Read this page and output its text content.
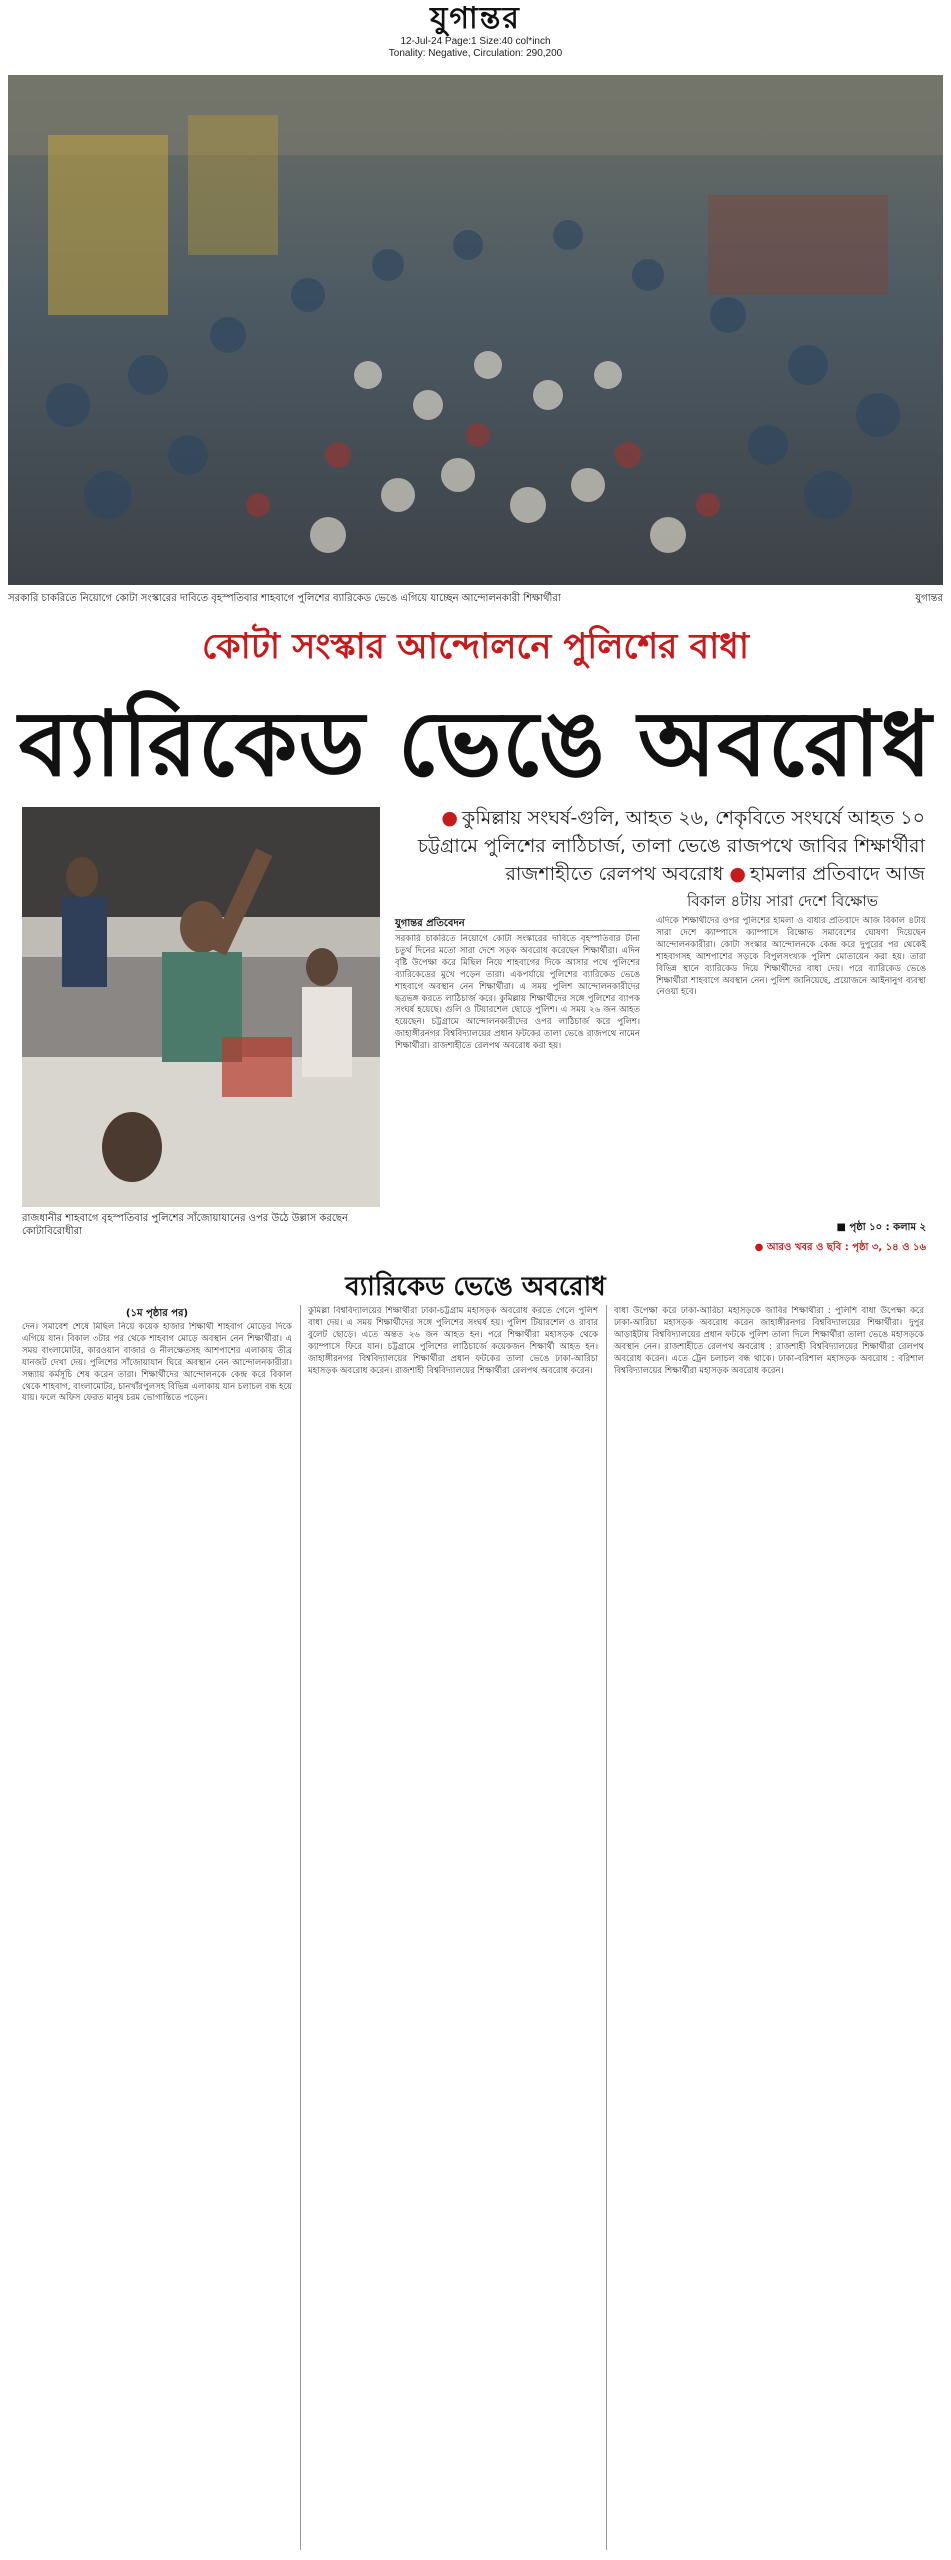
যুগান্তর
12-Jul-24 Page:1 Size:40 col*inch
Tonality: Negative, Circulation: 290,200
সরকারি চাকরিতে নিয়োগে কোটা সংস্কারের দাবিতে বৃহস্পতিবার শাহবাগে পুলিশের ব্যারিকেড ভেঙে এগিয়ে যাচ্ছেন আন্দোলনকারী শিক্ষার্থীরা	যুগান্তর
কোটা সংস্কার আন্দোলনে পুলিশের বাধা
ব্যারিকেড ভেঙে অবরোধ
রাজধানীর শাহবাগে বৃহস্পতিবার পুলিশের সাঁজোয়াযানের ওপর উঠে উল্লাস করছেন কোটাবিরোধীরা
● কুমিল্লায় সংঘর্ষ-গুলি, আহত ২৬, শেকৃবিতে সংঘর্ষে আহত ১০
চট্টগ্রামে পুলিশের লাঠিচার্জ, তালা ভেঙে রাজপথে জাবির শিক্ষার্থীরা
রাজশাহীতে রেলপথ অবরোধ ● হামলার প্রতিবাদে আজ
বিকাল ৪টায় সারা দেশে বিক্ষোভ
যুগান্তর প্রতিবেদন
সরকারি চাকরিতে নিয়োগে কোটা সংস্কারের দাবিতে বৃহস্পতিবার টানা চতুর্থ দিনের মতো সারা দেশে সড়ক অবরোধ করেছেন শিক্ষার্থীরা। এদিন বৃষ্টি উপেক্ষা করে মিছিল নিয়ে শাহবাগের দিকে আসার পথে পুলিশের ব্যারিকেডের মুখে পড়েন তারা। একপর্যায়ে পুলিশের ব্যারিকেড ভেঙে শাহবাগে অবস্থান নেন শিক্ষার্থীরা। এ সময় পুলিশ আন্দোলনকারীদের ছত্রভঙ্গ করতে লাঠিচার্জ করে। কুমিল্লায় শিক্ষার্থীদের সঙ্গে পুলিশের ব্যাপক সংঘর্ষ হয়েছে। গুলি ও টিয়ারশেল ছোড়ে পুলিশ। এ সময় ২৬ জন আহত হয়েছেন। চট্টগ্রামে আন্দোলনকারীদের ওপর লাঠিচার্জ করে পুলিশ। জাহাঙ্গীরনগর বিশ্ববিদ্যালয়ের প্রধান ফটকের তালা ভেঙে রাজপথে নামেন শিক্ষার্থীরা। রাজশাহীতে রেলপথ অবরোধ করা হয়।
এদিকে শিক্ষার্থীদের ওপর পুলিশের হামলা ও বাধার প্রতিবাদে আজ বিকাল ৪টায় সারা দেশে ক্যাম্পাসে ক্যাম্পাসে বিক্ষোভ সমাবেশের ঘোষণা দিয়েছেন আন্দোলনকারীরা। কোটা সংস্কার আন্দোলনকে কেন্দ্র করে দুপুরের পর থেকেই শাহবাগসহ আশপাশের সড়কে বিপুলসংখ্যক পুলিশ মোতায়েন করা হয়। তারা বিভিন্ন স্থানে ব্যারিকেড দিয়ে শিক্ষার্থীদের বাধা দেয়। পরে ব্যারিকেড ভেঙে শিক্ষার্থীরা শাহবাগে অবস্থান নেন। পুলিশ জানিয়েছে, প্রয়োজনে আইনানুগ ব্যবস্থা নেওয়া হবে।
■ পৃষ্ঠা ১০ : কলাম ২
● আরও খবর ও ছবি : পৃষ্ঠা ৩, ১৪ ও ১৬
ব্যারিকেড ভেঙে অবরোধ
(১ম পৃষ্ঠার পর)
দেন। সমাবেশ শেষে মিছিল নিয়ে কয়েক হাজার শিক্ষার্থী শাহবাগ মোড়ের দিকে এগিয়ে যান। বিকাল ৩টার পর থেকে শাহবাগ মোড়ে অবস্থান নেন শিক্ষার্থীরা। এ সময় বাংলামোটর, কারওয়ান বাজার ও নীলক্ষেতসহ আশপাশের এলাকায় তীব্র যানজট দেখা দেয়। পুলিশের সাঁজোয়াযান ঘিরে অবস্থান নেন আন্দোলনকারীরা। সন্ধ্যায় কর্মসূচি শেষ করেন তারা। শিক্ষার্থীদের আন্দোলনকে কেন্দ্র করে বিকাল থেকে শাহবাগ, বাংলামোটর, চানখাঁরপুলসহ বিভিন্ন এলাকায় যান চলাচল বন্ধ হয়ে যায়। ফলে অফিস ফেরত মানুষ চরম ভোগান্তিতে পড়েন।
কুমিল্লা বিশ্ববিদ্যালয়ের শিক্ষার্থীরা ঢাকা-চট্টগ্রাম মহাসড়ক অবরোধ করতে গেলে পুলিশ বাধা দেয়। এ সময় শিক্ষার্থীদের সঙ্গে পুলিশের সংঘর্ষ হয়। পুলিশ টিয়ারশেল ও রাবার বুলেট ছোড়ে। এতে অন্তত ২৬ জন আহত হন। পরে শিক্ষার্থীরা মহাসড়ক থেকে ক্যাম্পাসে ফিরে যান। চট্টগ্রামে পুলিশের লাঠিচার্জে কয়েকজন শিক্ষার্থী আহত হন। জাহাঙ্গীরনগর বিশ্ববিদ্যালয়ের শিক্ষার্থীরা প্রধান ফটকের তালা ভেঙে ঢাকা-আরিচা মহাসড়ক অবরোধ করেন। রাজশাহী বিশ্ববিদ্যালয়ের শিক্ষার্থীরা রেলপথ অবরোধ করেন।
বাধা উপেক্ষা করে ঢাকা-আরিচা মহাসড়কে জাবির শিক্ষার্থীরা : পুলিশি বাধা উপেক্ষা করে ঢাকা-আরিচা মহাসড়ক অবরোধ করেন জাহাঙ্গীরনগর বিশ্ববিদ্যালয়ের শিক্ষার্থীরা। দুপুর আড়াইটায় বিশ্ববিদ্যালয়ের প্রধান ফটকে পুলিশ তালা দিলে শিক্ষার্থীরা তালা ভেঙে মহাসড়কে অবস্থান নেন। রাজশাহীতে রেলপথ অবরোধ : রাজশাহী বিশ্ববিদ্যালয়ের শিক্ষার্থীরা রেলপথ অবরোধ করেন। এতে ট্রেন চলাচল বন্ধ থাকে। ঢাকা-বরিশাল মহাসড়ক অবরোধ : বরিশাল বিশ্ববিদ্যালয়ের শিক্ষার্থীরা মহাসড়ক অবরোধ করেন।
